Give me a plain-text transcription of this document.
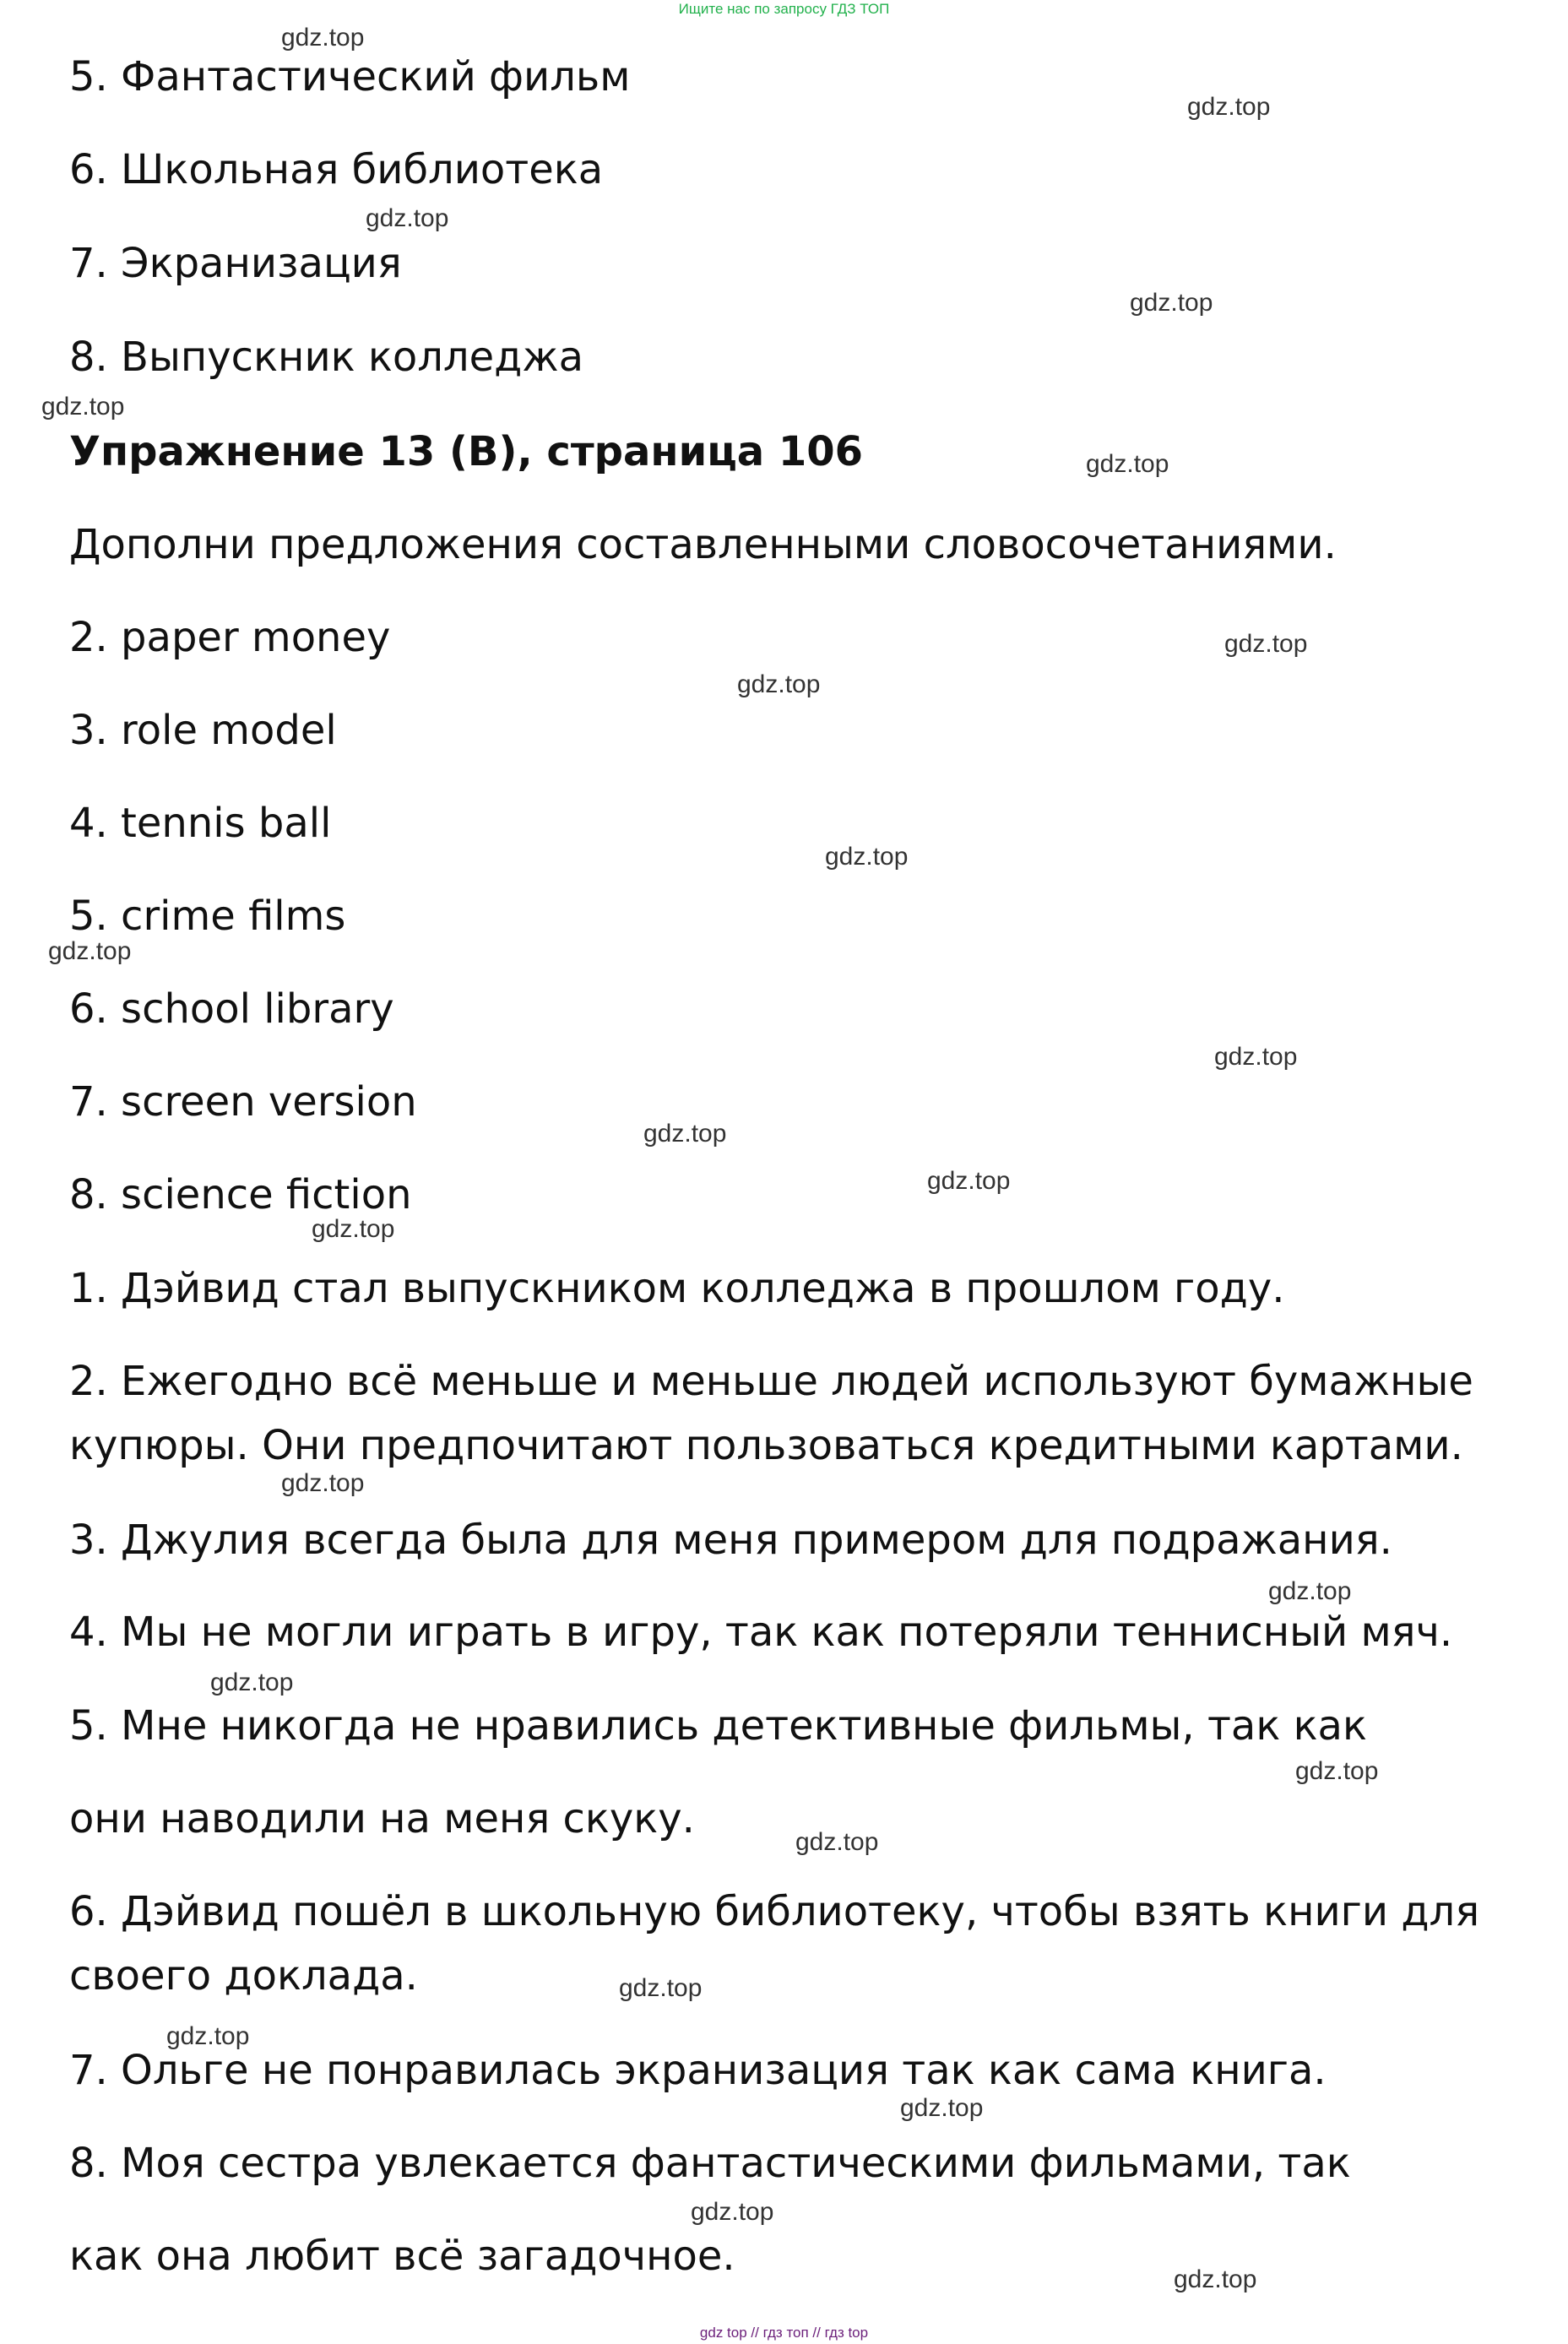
Ищите нас по запросу ГДЗ ТОП
5. Фантастический фильм
6. Школьная библиотека
7. Экранизация
8. Выпускник колледжа
Упражнение 13 (B), страница 106
Дополни предложения составленными словосочетаниями.
2. paper money
3. role model
4. tennis ball
5. crime films
6. school library
7. screen version
8. science fiction
1. Дэйвид стал выпускником колледжа в прошлом году.
2. Ежегодно всё меньше и меньше людей используют бумажные
купюры. Они предпочитают пользоваться кредитными картами.
3. Джулия всегда была для меня примером для подражания.
4. Мы не могли играть в игру, так как потеряли теннисный мяч.
5. Мне никогда не нравились детективные фильмы, так как
они наводили на меня скуку.
6. Дэйвид пошёл в школьную библиотеку, чтобы взять книги для
своего доклада.
7. Ольге не понравилась экранизация так как сама книга.
8. Моя сестра увлекается фантастическими фильмами, так
как она любит всё загадочное.
gdz.top
gdz.top
gdz.top
gdz.top
gdz.top
gdz.top
gdz.top
gdz.top
gdz.top
gdz.top
gdz.top
gdz.top
gdz.top
gdz.top
gdz.top
gdz.top
gdz.top
gdz.top
gdz.top
gdz.top
gdz.top
gdz.top
gdz.top
gdz.top
gdz top // гдз топ // гдз top
